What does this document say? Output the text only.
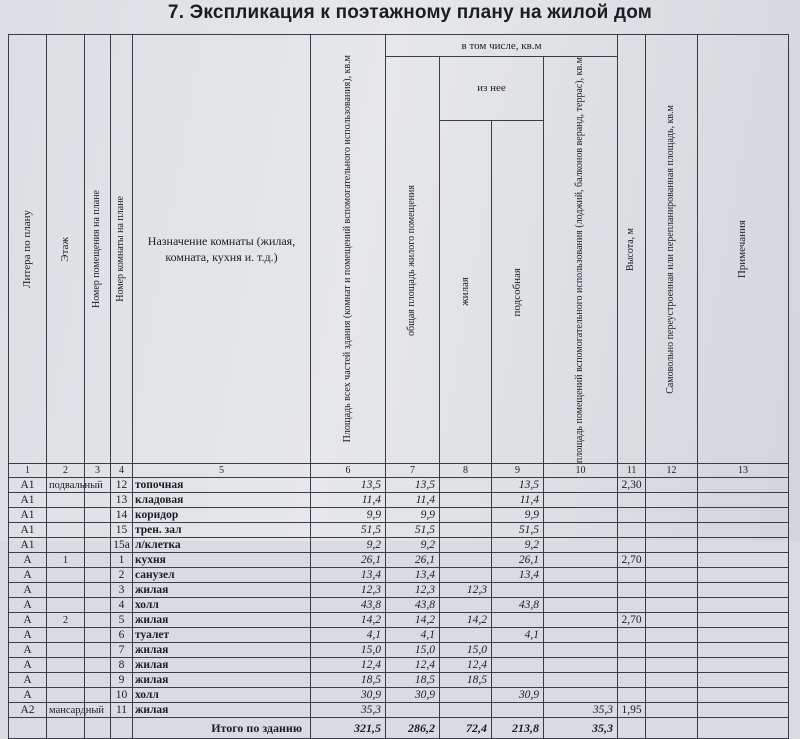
7. Экспликация к поэтажному плану на жилой дом
Литера по плану	Этаж	Номер помещения на плане	Номер комнаты на плане	Назначение комнаты (жилая, комната, кухня и. т.д.)	Площадь всех частей здания (комнат и помещений вспомогательного использования), кв.м	в том числе, кв.м				Высота, м	Самовольно переустроенная или перепланированная площадь, кв.м	Примечания

						общая площадь жилого помещения	из нее		площадь помещений вспомогательного использования (лоджий, балконов веранд, террас), кв.м			

							жилая	подсобная				

1	2	3	4	5	6	7	8	9	10	11	12	13
А1	подвальный		12	топочная	13,5	13,5		13,5		2,30		
А1			13	кладовая	11,4	11,4		11,4				
А1			14	коридор	9,9	9,9		9,9				
А1			15	трен. зал	51,5	51,5		51,5				
А1			15а	л/клетка	9,2	9,2		9,2				
А	1		1	кухня	26,1	26,1		26,1		2,70		
А			2	санузел	13,4	13,4		13,4				
А			3	жилая	12,3	12,3	12,3					
А			4	холл	43,8	43,8		43,8				
А	2		5	жилая	14,2	14,2	14,2			2,70		
А			6	туалет	4,1	4,1		4,1				
А			7	жилая	15,0	15,0	15,0					
А			8	жилая	12,4	12,4	12,4					
А			9	жилая	18,5	18,5	18,5					
А			10	холл	30,9	30,9		30,9				
А2	мансардный		11	жилая	35,3				35,3	1,95		
				Итого по зданию	321,5	286,2	72,4	213,8	35,3			
